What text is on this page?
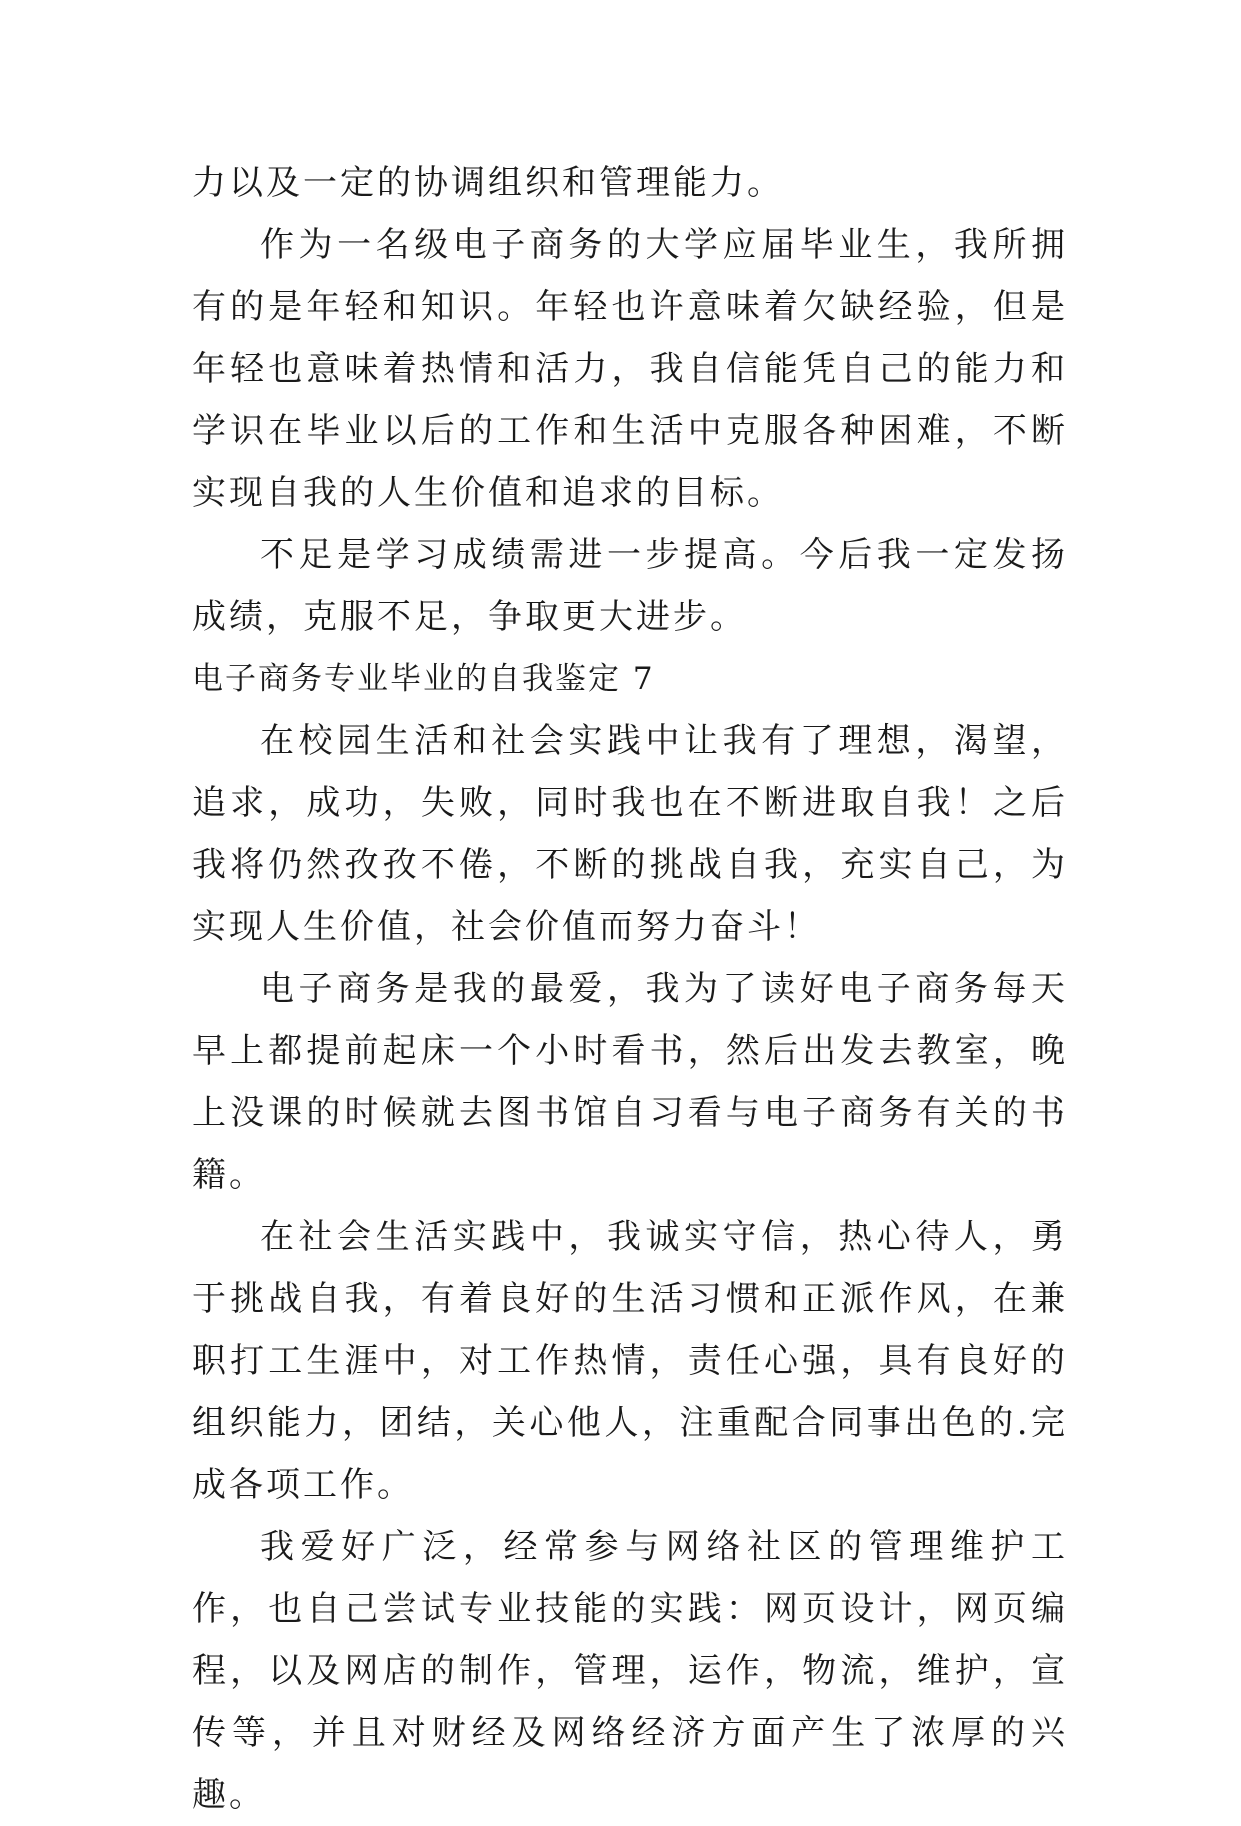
力以及一定的协调组织和管理能力。

作为一名级电子商务的大学应届毕业生，我所拥有的是年轻和知识。年轻也许意味着欠缺经验，但是年轻也意味着热情和活力，我自信能凭自己的能力和学识在毕业以后的工作和生活中克服各种困难，不断实现自我的人生价值和追求的目标。

不足是学习成绩需进一步提高。今后我一定发扬成绩，克服不足，争取更大进步。

电子商务专业毕业的自我鉴定 7

在校园生活和社会实践中让我有了理想，渴望，追求，成功，失败，同时我也在不断进取自我！之后我将仍然孜孜不倦，不断的挑战自我，充实自己，为实现人生价值，社会价值而努力奋斗！

电子商务是我的最爱，我为了读好电子商务每天早上都提前起床一个小时看书，然后出发去教室，晚上没课的时候就去图书馆自习看与电子商务有关的书籍。

在社会生活实践中，我诚实守信，热心待人，勇于挑战自我，有着良好的生活习惯和正派作风，在兼职打工生涯中，对工作热情，责任心强，具有良好的组织能力，团结，关心他人，注重配合同事出色的.完成各项工作。

我爱好广泛，经常参与网络社区的管理维护工作，也自己尝试专业技能的实践：网页设计，网页编程，以及网店的制作，管理，运作，物流，维护，宣传等，并且对财经及网络经济方面产生了浓厚的兴趣。
